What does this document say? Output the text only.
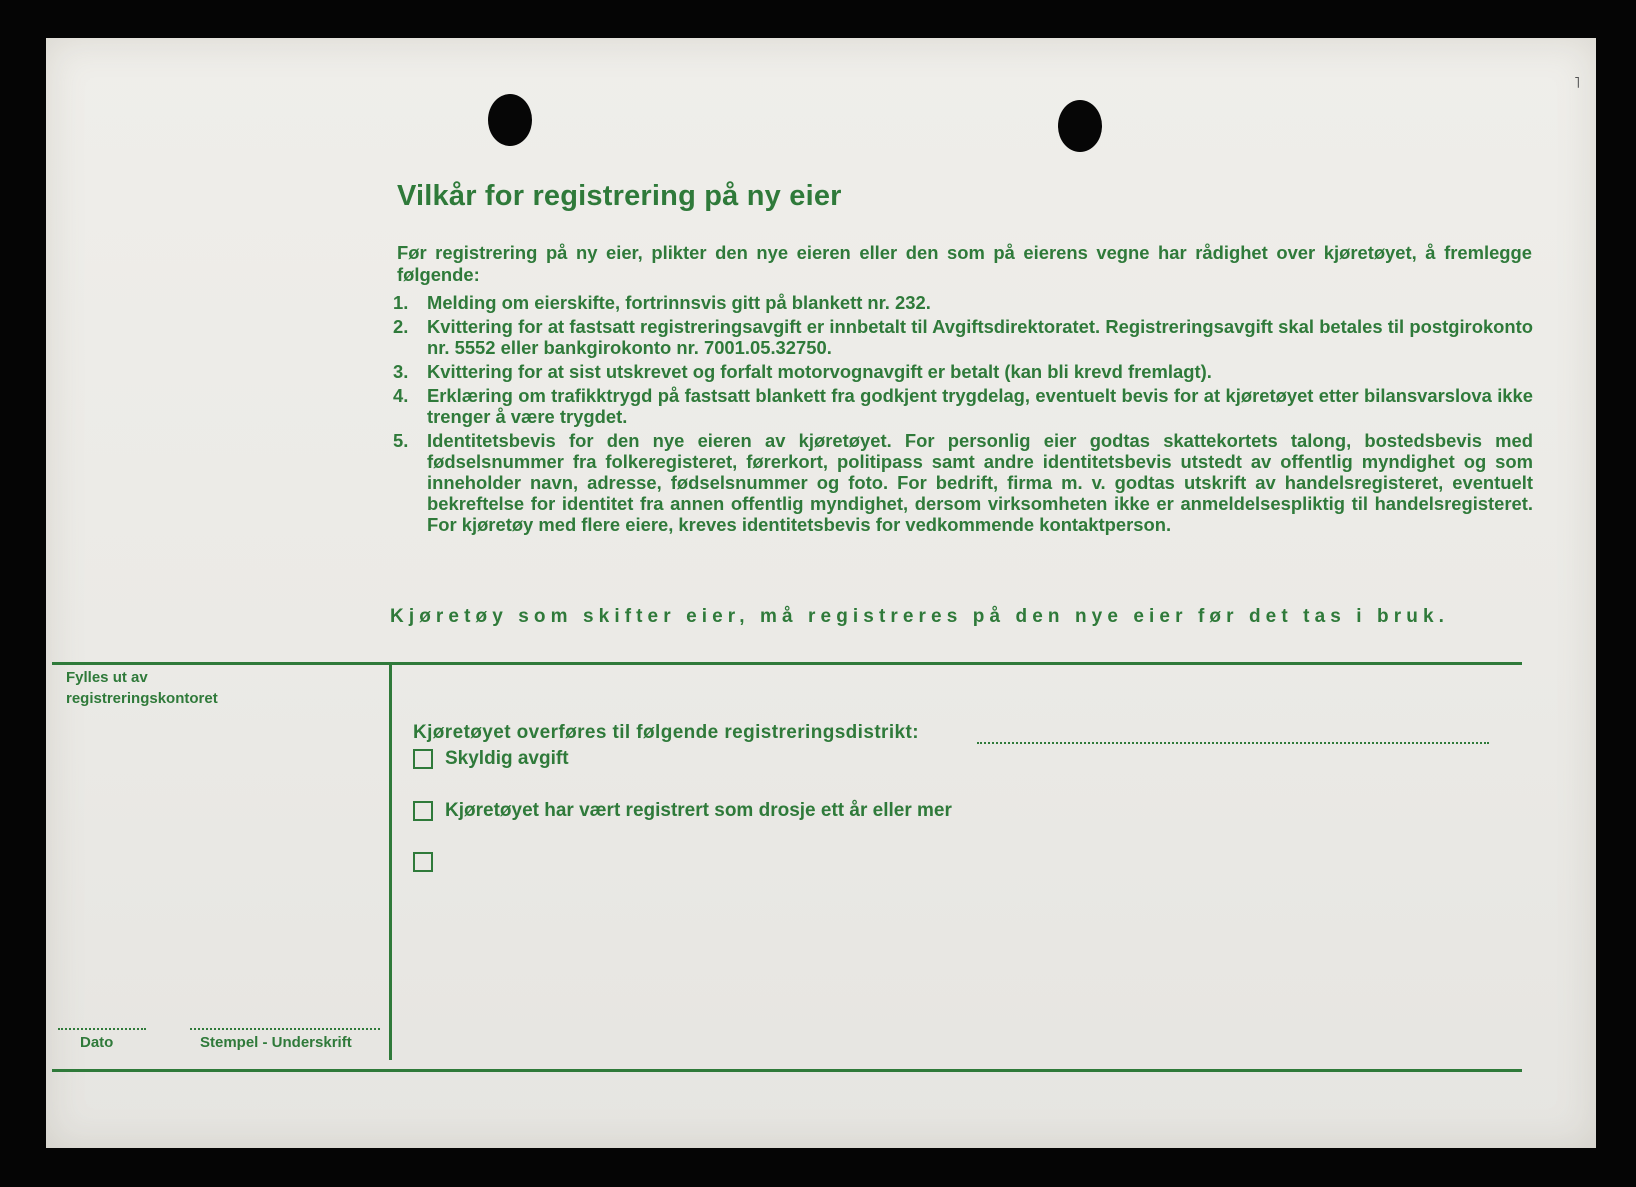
˥
Vilkår for registrering på ny eier

Før registrering på ny eier, plikter den nye eieren eller den som på eierens vegne har rådighet over kjøretøyet, å fremlegge følgende:

1. Melding om eierskifte, fortrinnsvis gitt på blankett nr. 232.
2. Kvittering for at fastsatt registreringsavgift er innbetalt til Avgiftsdirektoratet. Registreringsavgift skal betales til postgirokonto nr. 5552 eller bankgirokonto nr. 7001.05.32750.
3. Kvittering for at sist utskrevet og forfalt motorvognavgift er betalt (kan bli krevd fremlagt).
4. Erklæring om trafikktrygd på fastsatt blankett fra godkjent trygdelag, eventuelt bevis for at kjøretøyet etter bilansvarslova ikke trenger å være trygdet.
5. Identitetsbevis for den nye eieren av kjøretøyet. For personlig eier godtas skattekortets talong, bostedsbevis med fødselsnummer fra folkeregisteret, førerkort, politipass samt andre identitetsbevis utstedt av offentlig myndighet og som inneholder navn, adresse, fødselsnummer og foto. For bedrift, firma m. v. godtas utskrift av handelsregisteret, eventuelt bekreftelse for identitet fra annen offentlig myndighet, dersom virksomheten ikke er anmeldelsespliktig til handelsregisteret. For kjøretøy med flere eiere, kreves identitetsbevis for vedkommende kontaktperson.

Kjøretøy som skifter eier, må registreres på den nye eier før det tas i bruk.

Fylles ut av
registreringskontoret

Kjøretøyet overføres til følgende registreringsdistrikt:

Skyldig avgift
Kjøretøyet har vært registrert som drosje ett år eller mer

Dato	Stempel - Underskrift
